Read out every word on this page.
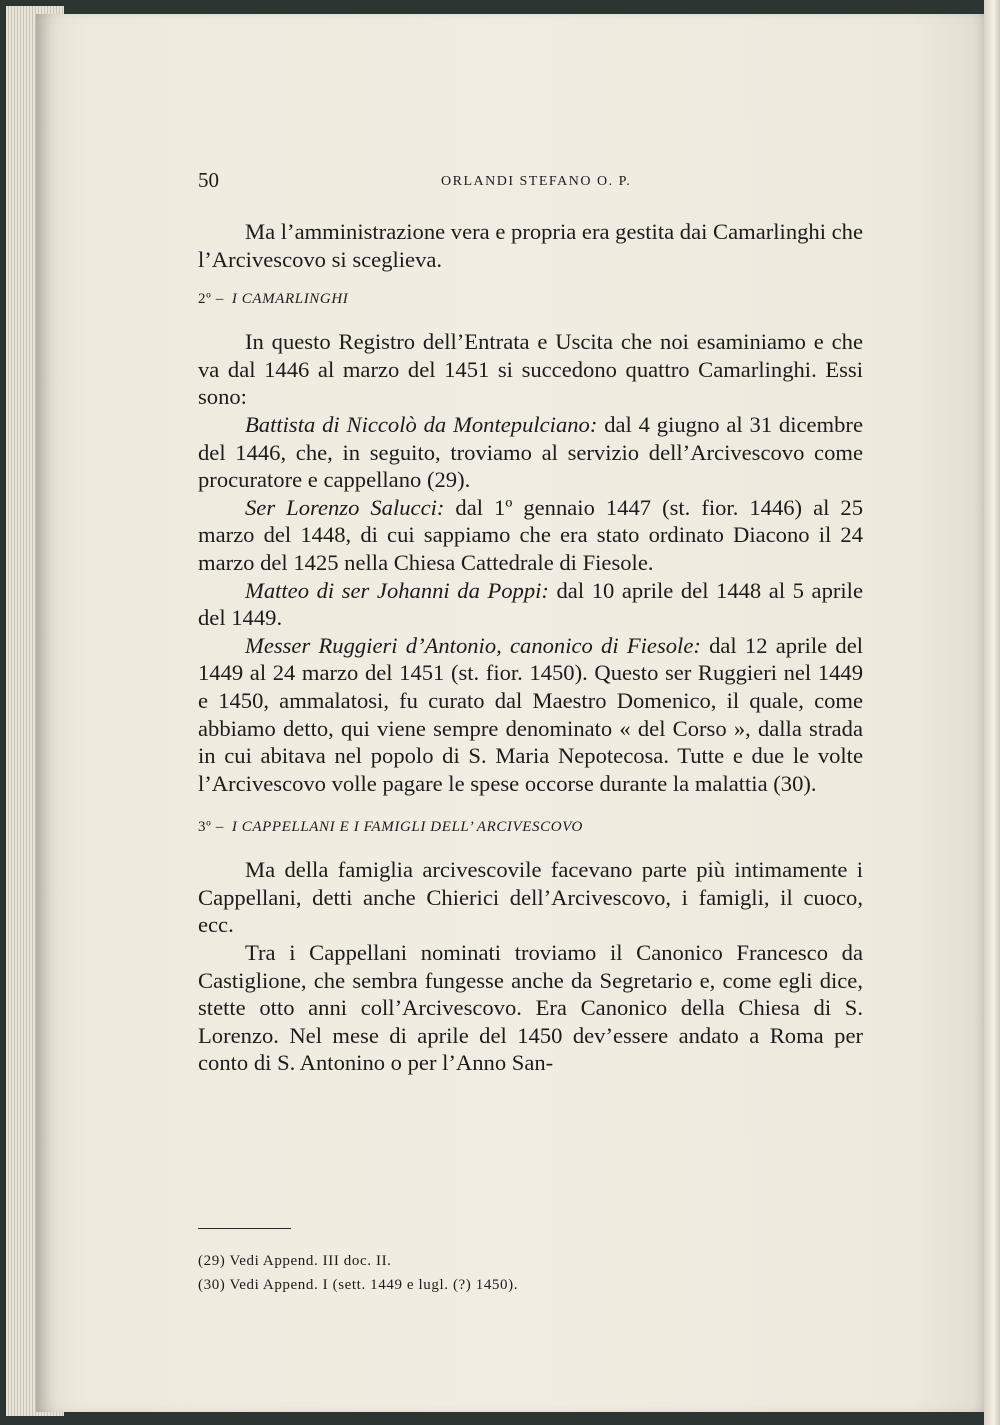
50	ORLANDI STEFANO O. P.

Ma l’amministrazione vera e propria era gestita dai Camarlinghi che l’Arcivescovo si sceglieva.

2º – I CAMARLINGHI

In questo Registro dell’Entrata e Uscita che noi esaminiamo e che va dal 1446 al marzo del 1451 si succedono quattro Camarlinghi. Essi sono:

Battista di Niccolò da Montepulciano: dal 4 giugno al 31 dicembre del 1446, che, in seguito, troviamo al servizio dell’Arcivescovo come procuratore e cappellano (29).

Ser Lorenzo Salucci: dal 1º gennaio 1447 (st. fior. 1446) al 25 marzo del 1448, di cui sappiamo che era stato ordinato Diacono il 24 marzo del 1425 nella Chiesa Cattedrale di Fiesole.

Matteo di ser Johanni da Poppi: dal 10 aprile del 1448 al 5 aprile del 1449.

Messer Ruggieri d’Antonio, canonico di Fiesole: dal 12 aprile del 1449 al 24 marzo del 1451 (st. fior. 1450). Questo ser Ruggieri nel 1449 e 1450, ammalatosi, fu curato dal Maestro Domenico, il quale, come abbiamo detto, qui viene sempre denominato « del Corso », dalla strada in cui abitava nel popolo di S. Maria Nepotecosa. Tutte e due le volte l’Arcivescovo volle pagare le spese occorse durante la malattia (30).

3º – I CAPPELLANI E I FAMIGLI DELL’ ARCIVESCOVO

Ma della famiglia arcivescovile facevano parte più intimamente i Cappellani, detti anche Chierici dell’Arcivescovo, i famigli, il cuoco, ecc.

Tra i Cappellani nominati troviamo il Canonico Francesco da Castiglione, che sembra fungesse anche da Segretario e, come egli dice, stette otto anni coll’Arcivescovo. Era Canonico della Chiesa di S. Lorenzo. Nel mese di aprile del 1450 dev’essere andato a Roma per conto di S. Antonino o per l’Anno San-

(29) Vedi Append. III doc. II.

(30) Vedi Append. I (sett. 1449 e lugl. (?) 1450).
